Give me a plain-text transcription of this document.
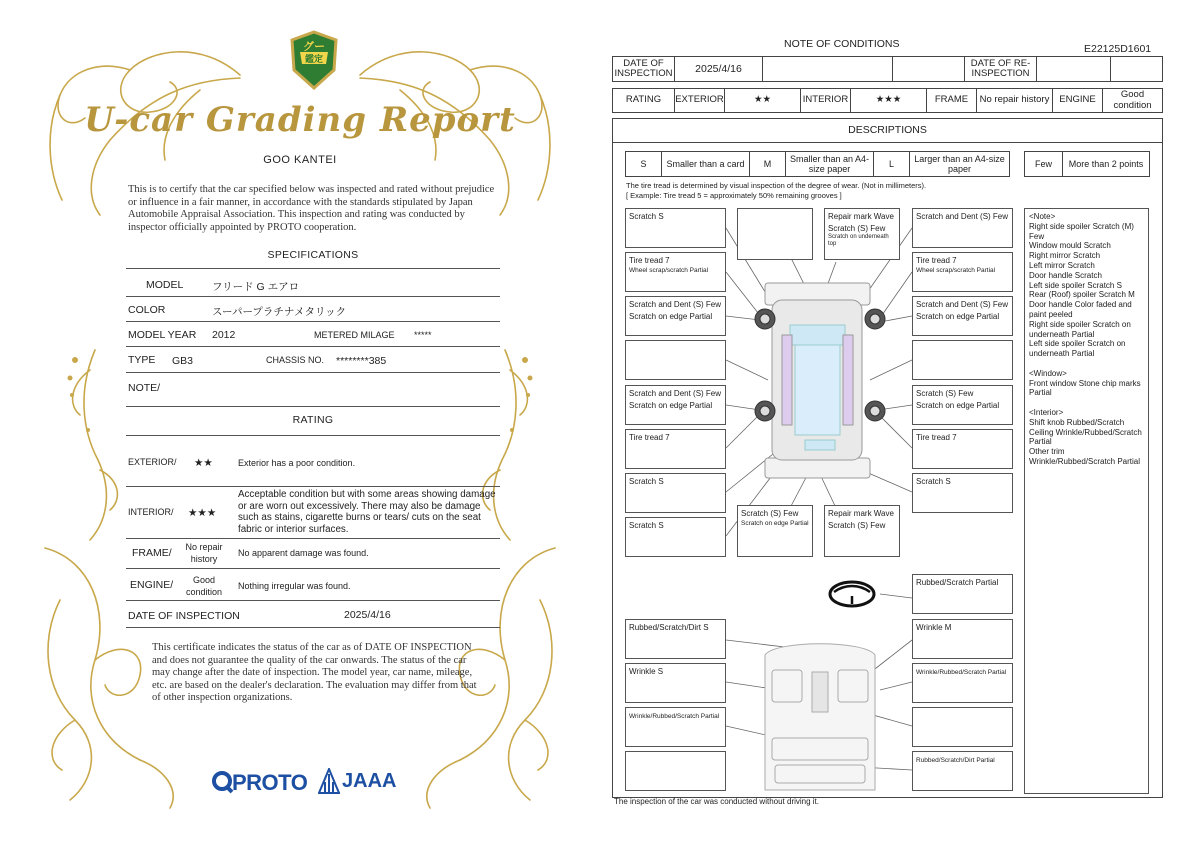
グー
鑑定
U-car Grading Report
GOO KANTEI
This is to certify that the car specified below was inspected and rated without prejudice or influence in a fair manner, in accordance with the standards stipulated by Japan Automobile Appraisal Association. This inspection and rating was conducted by inspector officially appointed by PROTO cooperation.
SPECIFICATIONS
MODEL	フリード G エアロ
COLOR	スーパープラチナメタリック
MODEL YEAR 2012	METERED MILAGE *****
TYPE GB3	CHASSIS NO. ********385
NOTE/
RATING
EXTERIOR/ ★★	Exterior has a poor condition.
INTERIOR/ ★★★
Acceptable condition but with some areas showing damage or are worn out excessively. There may also be damage such as stains, cigarette burns or tears/ cuts on the seat fabric or interior surfaces.
FRAME/	No repair history
No apparent damage was found.
ENGINE/	Good condition
Nothing irregular was found.
DATE OF INSPECTION	2025/4/16
This certificate indicates the status of the car as of DATE OF INSPECTION and does not guarantee the quality of the car onwards. The status of the car may change after the date of inspection. The model year, car name, mileage, etc. are based on the dealer's declaration. The evaluation may differ from that of other inspection organizations.
PROTO JAAA
NOTE OF CONDITIONS	E22125D1601
DATE OF INSPECTION	2025/4/16	DATE OF RE-INSPECTION
RATING	EXTERIOR	★★	INTERIOR	★★★	FRAME	No repair history	ENGINE	Good condition
DESCRIPTIONS
S	Smaller than a card	M	Smaller than an A4-size paper	L	Larger than an A4-size paper	Few	More than 2 points
The tire tread is determined by visual inspection of the degree of wear. (Not in millimeters).
[ Example: Tire tread 5 = approximately 50% remaining grooves ]
Scratch S
Tire tread 7
Wheel scrap/scratch Partial
Scratch and Dent (S) Few
Scratch on edge Partial
Scratch and Dent (S) Few
Scratch on edge Partial
Tire tread 7
Scratch S
Scratch S
Repair mark Wave
Scratch (S) Few
Scratch on underneath top
Scratch and Dent (S) Few
Tire tread 7
Wheel scrap/scratch Partial
Scratch and Dent (S) Few
Scratch on edge Partial
Scratch (S) Few
Scratch on edge Partial
Tire tread 7
Scratch S
Scratch (S) Few
Scratch on edge Partial
Repair mark Wave
Scratch (S) Few
Rubbed/Scratch Partial
Rubbed/Scratch/Dirt S
Wrinkle S
Wrinkle/Rubbed/Scratch Partial
Wrinkle M
Wrinkle/Rubbed/Scratch Partial
Rubbed/Scratch/Dirt Partial
<Note>
Right side spoiler Scratch (M) Few
Window mould Scratch
Right mirror Scratch
Left mirror Scratch
Door handle Scratch
Left side spoiler Scratch S
Rear (Roof) spoiler Scratch M
Door handle Color faded and paint peeled
Right side spoiler Scratch on underneath Partial
Left side spoiler Scratch on underneath Partial
<Window>
Front window Stone chip marks Partial
<Interior>
Shift knob Rubbed/Scratch
Ceiling Wrinkle/Rubbed/Scratch Partial
Other trim Wrinkle/Rubbed/Scratch Partial
The inspection of the car was conducted without driving it.
